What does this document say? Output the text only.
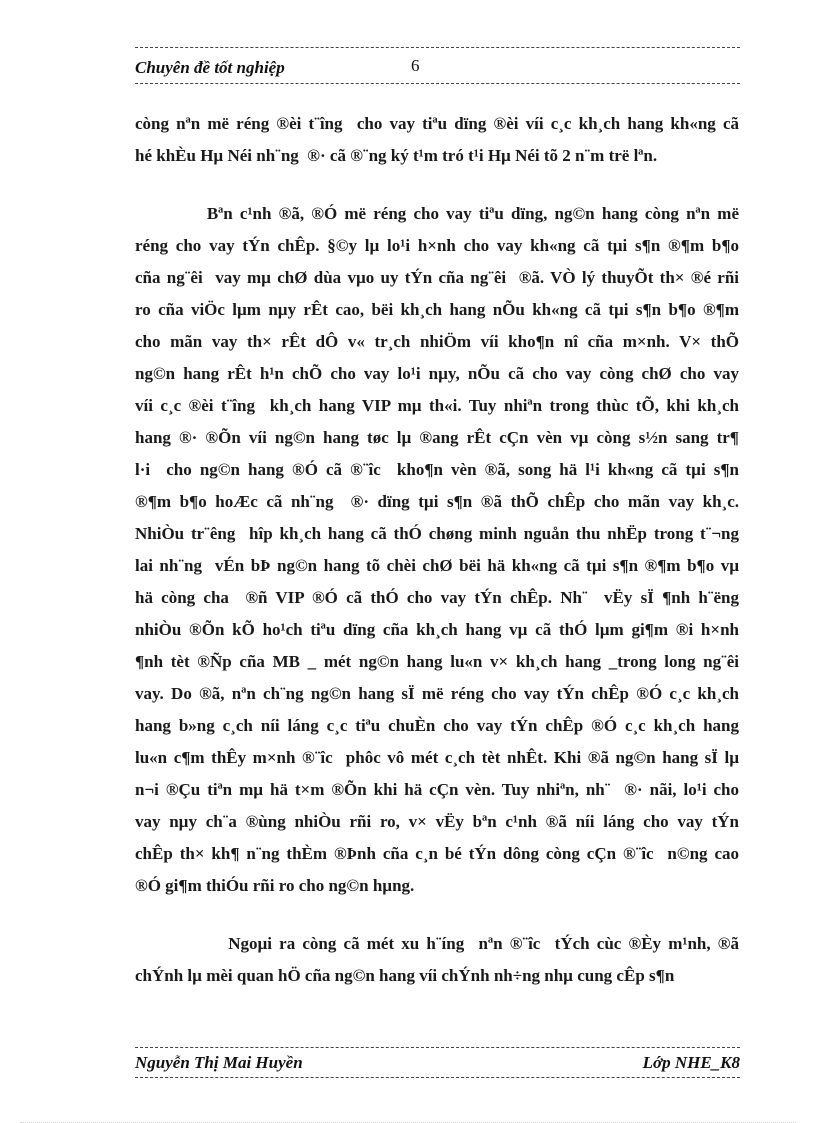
Chuyên đề tốt nghiệp	6
còng nªn më réng ®èi t¨îng  cho vay tiªu dïng ®èi víi c¸c kh¸ch hang kh«ng cã
hé khÈu Hµ Néi nh¨ng  ®· cã ®¨ng ký t¹m tró t¹i Hµ Néi tõ 2 n¨m trë lªn.
Bªn c¹nh ®ã, ®Ó më réng cho vay tiªu dïng, ng©n hang còng nªn më
réng cho vay tÝn chÊp. §©y lµ lo¹i h×nh cho vay kh«ng cã tµi s¶n ®¶m b¶o
cña ng¨êi  vay mµ chØ dùa vµo uy tÝn cña ng¨êi  ®ã. VÒ lý thuyÕt th× ®é rñi
ro cña viÖc lµm nµy rÊt cao, bëi kh¸ch hang nÕu kh«ng cã tµi s¶n b¶o ®¶m
cho mãn vay th× rÊt dÔ v« tr¸ch nhiÖm víi kho¶n nî cña m×nh. V× thÕ
ng©n hang rÊt h¹n chÕ cho vay lo¹i nµy, nÕu cã cho vay còng chØ cho vay
víi c¸c ®èi t¨îng  kh¸ch hang VIP mµ th«i. Tuy nhiªn trong thùc tÕ, khi kh¸ch
hang ®· ®Õn víi ng©n hang tøc lµ ®ang rÊt cÇn vèn vµ còng s½n sang tr¶
l·i  cho ng©n hang ®Ó cã ®¨îc  kho¶n vèn ®ã, song hä l¹i kh«ng cã tµi s¶n
®¶m b¶o hoÆc cã nh¨ng  ®· dïng tµi s¶n ®ã thÕ chÊp cho mãn vay kh¸c.
NhiÒu tr¨êng  hîp kh¸ch hang cã thÓ chøng minh nguån thu nhËp trong t¨¬ng
lai nh¨ng  vÉn bÞ ng©n hang tõ chèi chØ bëi hä kh«ng cã tµi s¶n ®¶m b¶o vµ
hä còng cha  ®ñ VIP ®Ó cã thÓ cho vay tÝn chÊp. Nh¨  vËy sÏ ¶nh h¨ëng
nhiÒu ®Õn kÕ ho¹ch tiªu dïng cña kh¸ch hang vµ cã thÓ lµm gi¶m ®i h×nh
¶nh tèt ®Ñp cña MB _ mét ng©n hang lu«n v× kh¸ch hang _trong long ng¨êi
vay. Do ®ã, nªn ch¨ng ng©n hang sÏ më réng cho vay tÝn chÊp ®Ó c¸c kh¸ch
hang b»ng c¸ch níi láng c¸c tiªu chuÈn cho vay tÝn chÊp ®Ó c¸c kh¸ch hang
lu«n c¶m thÊy m×nh ®¨îc  phôc vô mét c¸ch tèt nhÊt. Khi ®ã ng©n hang sÏ lµ
n¬i ®Çu tiªn mµ hä t×m ®Õn khi hä cÇn vèn. Tuy nhiªn, nh¨  ®· nãi, lo¹i cho
vay nµy ch¨a ®ùng nhiÒu rñi ro, v× vËy bªn c¹nh ®ã níi láng cho vay tÝn
chÊp th× kh¶ n¨ng thÈm ®Þnh cña c¸n bé tÝn dông còng cÇn ®¨îc  n©ng cao
®Ó gi¶m thiÓu rñi ro cho ng©n hµng.
Ngoµi ra còng cã mét xu h¨íng  nªn ®¨îc  tÝch cùc ®Èy m¹nh, ®ã
chÝnh lµ mèi quan hÖ cña ng©n hang víi chÝnh nh÷ng nhµ cung cÊp s¶n
Nguyễn Thị Mai Huyền	Lớp NHE_K8
